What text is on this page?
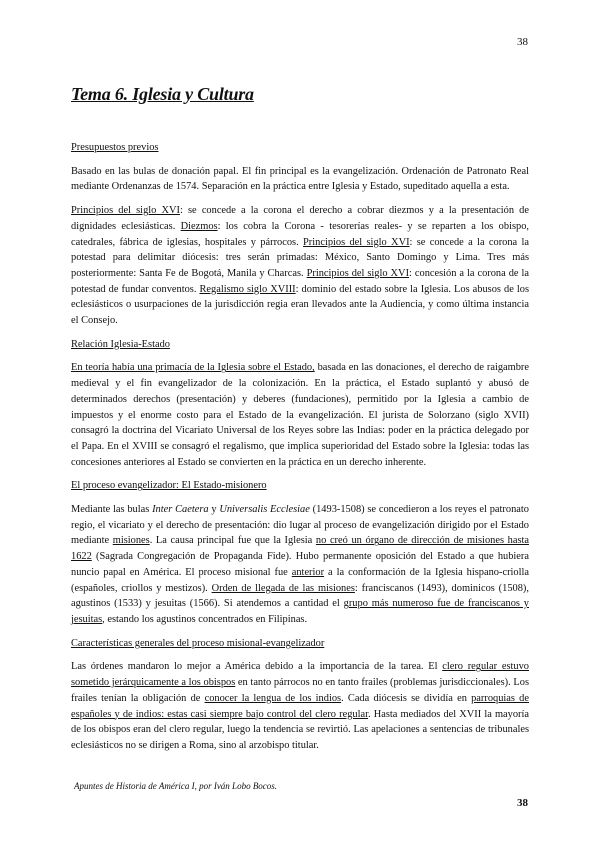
38
Tema 6. Iglesia y Cultura
Presupuestos previos

Basado en las bulas de donación papal. El fin principal es la evangelización. Ordenación de Patronato Real mediante Ordenanzas de 1574. Separación en la práctica entre Iglesia y Estado, supeditado aquella a esta.

Principios del siglo XVI: se concede a la corona el derecho a cobrar diezmos y a la presentación de dignidades eclesiásticas. Diezmos: los cobra la Corona - tesorerías reales- y se reparten a los obispo, catedrales, fábrica de iglesias, hospitales y párrocos. Principios del siglo XVI: se concede a la corona la potestad para delimitar diócesis: tres serán primadas: México, Santo Domingo y Lima. Tres más posteriormente: Santa Fe de Bogotá, Manila y Charcas. Principios del siglo XVI: concesión a la corona de la potestad de fundar conventos. Regalismo siglo XVIII: dominio del estado sobre la Iglesia. Los abusos de los eclesiásticos o usurpaciones de la jurisdicción regia eran llevados ante la Audiencia, y como última instancia el Consejo.

Relación Iglesia-Estado

En teoría había una primacía de la Iglesia sobre el Estado, basada en las donaciones, el derecho de raigambre medieval y el fin evangelizador de la colonización. En la práctica, el Estado suplantó y abusó de determinados derechos (presentación) y deberes (fundaciones), permitido por la Iglesia a cambio de impuestos y el enorme costo para el Estado de la evangelización. El jurista de Solorzano (siglo XVII) consagró la doctrina del Vicariato Universal de los Reyes sobre las Indias: poder en la práctica delegado por el Papa. En el XVIII se consagró el regalismo, que implica superioridad del Estado sobre la Iglesia: todas las concesiones anteriores al Estado se convierten en la práctica en un derecho inherente.

El proceso evangelizador: El Estado-misionero

Mediante las bulas Inter Caetera y Universalis Ecclesiae (1493-1508) se concedieron a los reyes el patronato regio, el vicariato y el derecho de presentación: dio lugar al proceso de evangelización dirigido por el Estado mediante misiones. La causa principal fue que la Iglesia no creó un órgano de dirección de misiones hasta 1622 (Sagrada Congregación de Propaganda Fide). Hubo permanente oposición del Estado a que hubiera nuncio papal en América. El proceso misional fue anterior a la conformación de la Iglesia hispano-criolla (españoles, criollos y mestizos). Orden de llegada de las misiones: franciscanos (1493), dominicos (1508), agustinos (1533) y jesuitas (1566). Si atendemos a cantidad el grupo más numeroso fue de franciscanos y jesuitas, estando los agustinos concentrados en Filipinas.

Características generales del proceso misional-evangelizador

Las órdenes mandaron lo mejor a América debido a la importancia de la tarea. El clero regular estuvo sometido jerárquicamente a los obispos en tanto párrocos no en tanto frailes (problemas jurisdiccionales). Los frailes tenían la obligación de conocer la lengua de los indios. Cada diócesis se dividía en parroquias de españoles y de indios: estas casi siempre bajo control del clero regular. Hasta mediados del XVII la mayoría de los obispos eran del clero regular, luego la tendencia se revirtió. Las apelaciones a sentencias de tribunales eclesiásticos no se dirigen a Roma, sino al arzobispo titular.

Apuntes de Historia de América I, por Iván Lobo Bocos.
38
